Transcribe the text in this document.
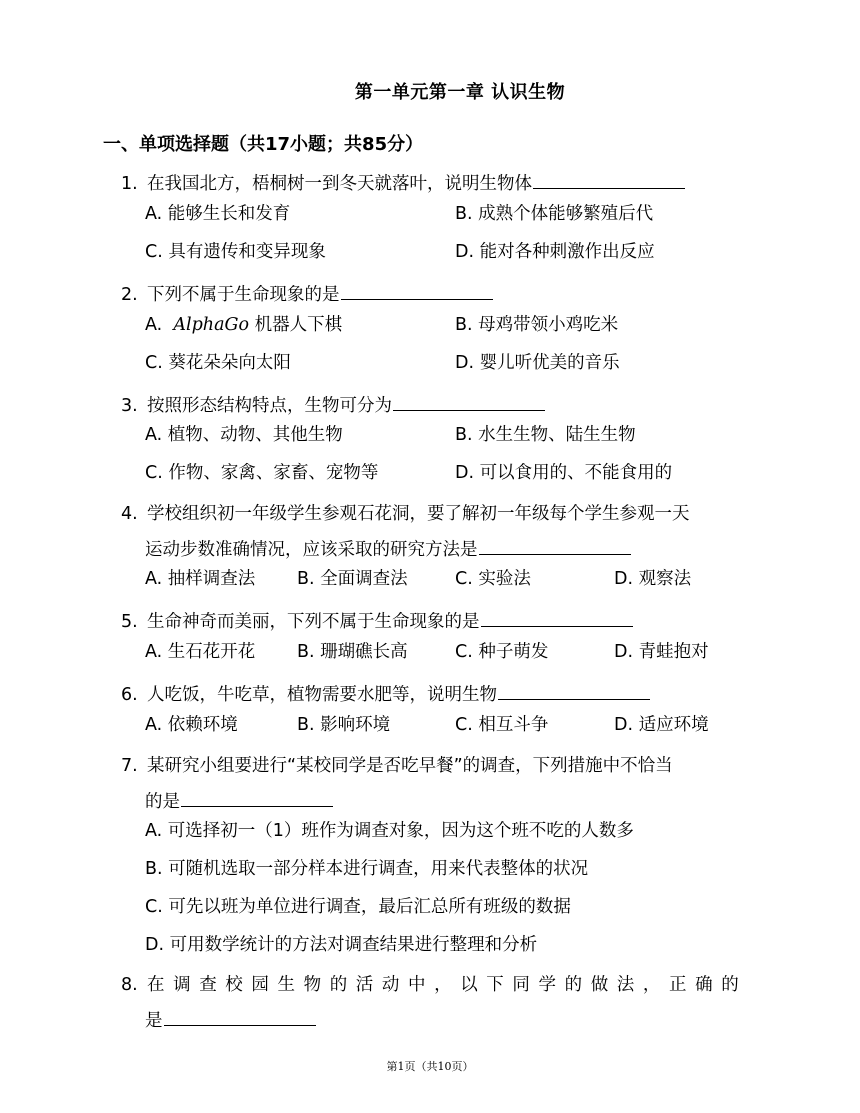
第一单元第一章 认识生物
一、单项选择题（共17小题；共85分）
1. 在我国北方，梧桐树一到冬天就落叶，说明生物体
A. 能够生长和发育	B. 成熟个体能够繁殖后代
C. 具有遗传和变异现象	D. 能对各种刺激作出反应
2. 下列不属于生命现象的是
A.  AlphaGo 机器人下棋	B. 母鸡带领小鸡吃米
C. 葵花朵朵向太阳	D. 婴儿听优美的音乐
3. 按照形态结构特点，生物可分为
A. 植物、动物、其他生物	B. 水生生物、陆生生物
C. 作物、家禽、家畜、宠物等	D. 可以食用的、不能食用的
4. 学校组织初一年级学生参观石花洞，要了解初一年级每个学生参观一天
运动步数准确情况，应该采取的研究方法是
A. 抽样调查法 B. 全面调查法	C. 实验法	D. 观察法
5. 生命神奇而美丽，下列不属于生命现象的是
A. 生石花开花 B. 珊瑚礁长高	C. 种子萌发	D. 青蛙抱对
6. 人吃饭，牛吃草，植物需要水肥等，说明生物
A. 依赖环境	B. 影响环境	C. 相互斗争	D. 适应环境
7. 某研究小组要进行“某校同学是否吃早餐”的调查，下列措施中不恰当
的是
A. 可选择初一（1）班作为调查对象，因为这个班不吃的人数多
B. 可随机选取一部分样本进行调查，用来代表整体的状况
C. 可先以班为单位进行调查，最后汇总所有班级的数据
D. 可用数学统计的方法对调查结果进行整理和分析
8. 在调查校园生物的活动中，以下同学的做法，正确的
是
第1页（共10页）
